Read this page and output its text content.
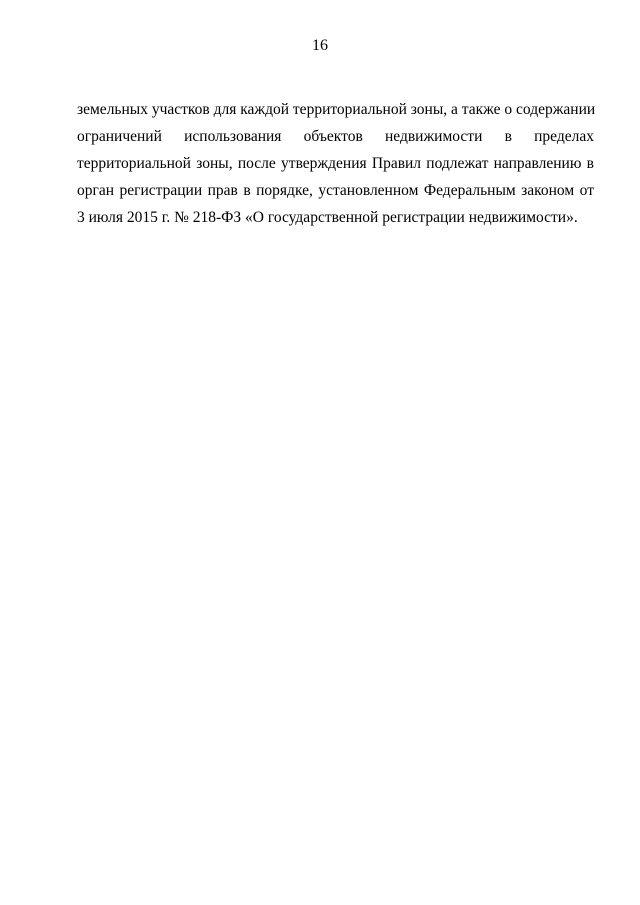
16
земельных участков для каждой территориальной зоны, а также о содержании
ограничений использования объектов недвижимости в пределах
территориальной зоны, после утверждения Правил подлежат направлению в
орган регистрации прав в порядке, установленном Федеральным законом от
3 июля 2015 г. № 218-ФЗ «О государственной регистрации недвижимости».
